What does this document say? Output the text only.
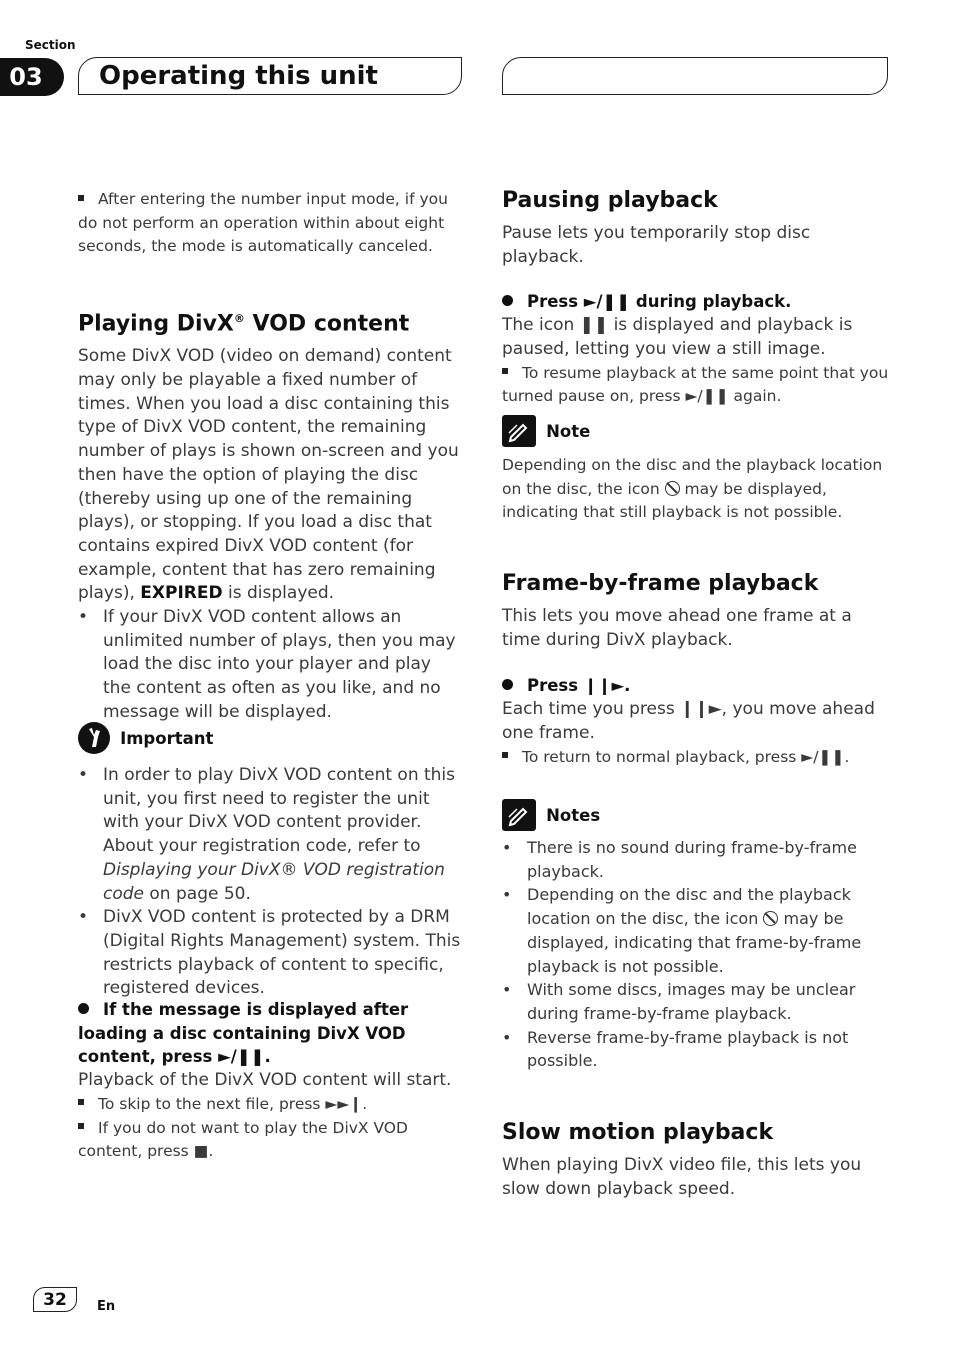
Section
03	Operating this unit

After entering the number input mode, if you do not perform an operation within about eight seconds, the mode is automatically canceled.

Playing DivX® VOD content

Some DivX VOD (video on demand) content may only be playable a fixed number of times. When you load a disc containing this type of DivX VOD content, the remaining number of plays is shown on-screen and you then have the option of playing the disc (thereby using up one of the remaining plays), or stopping. If you load a disc that contains expired DivX VOD content (for example, content that has zero remaining plays), EXPIRED is displayed.

• If your DivX VOD content allows an unlimited number of plays, then you may load the disc into your player and play the content as often as you like, and no message will be displayed.

Important
• In order to play DivX VOD content on this unit, you first need to register the unit with your DivX VOD content provider. About your registration code, refer to Displaying your DivX® VOD registration code on page 50.

• DivX VOD content is protected by a DRM (Digital Rights Management) system. This restricts playback of content to specific, registered devices.

If the message is displayed after loading a disc containing DivX VOD content, press ►/❚❚.

Playback of the DivX VOD content will start.

To skip to the next file, press ►►❙.

If you do not want to play the DivX VOD content, press ■.

Pausing playback

Pause lets you temporarily stop disc playback.

Press ►/❚❚ during playback.

The icon ❚❚ is displayed and playback is paused, letting you view a still image.

To resume playback at the same point that you turned pause on, press ►/❚❚ again.

Note

Depending on the disc and the playback location on the disc, the icon  may be displayed, indicating that still playback is not possible.

Frame-by-frame playback

This lets you move ahead one frame at a time during DivX playback.

Press ❙❙►.

Each time you press ❙❙►, you move ahead one frame.

To return to normal playback, press ►/❚❚.

Notes
• There is no sound during frame-by-frame playback.

• Depending on the disc and the playback location on the disc, the icon  may be displayed, indicating that frame-by-frame playback is not possible.

• With some discs, images may be unclear during frame-by-frame playback.

• Reverse frame-by-frame playback is not possible.

Slow motion playback

When playing DivX video file, this lets you slow down playback speed.

32	En
